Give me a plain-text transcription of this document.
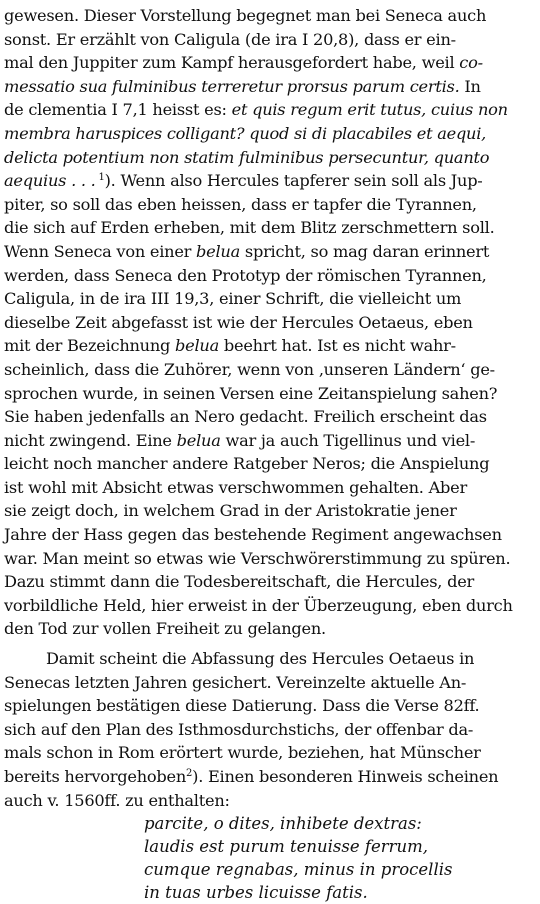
gewesen. Dieser Vorstellung begegnet man bei Seneca auch
sonst. Er erzählt von Caligula (de ira I 20,8), dass er ein-
mal den Juppiter zum Kampf herausgefordert habe, weil co-
messatio sua fulminibus terreretur prorsus parum certis. In
de clementia I 7,1 heisst es: et quis regum erit tutus, cuius non
membra haruspices colligant? quod si di placabiles et aequi,
delicta potentium non statim fulminibus persecuntur, quanto
aequius . . . $^1$). Wenn also Hercules tapferer sein soll als Jup-
piter, so soll das eben heissen, dass er tapfer die Tyrannen,
die sich auf Erden erheben, mit dem Blitz zerschmettern soll.
Wenn Seneca von einer belua spricht, so mag daran erinnert
werden, dass Seneca den Prototyp der römischen Tyrannen,
Caligula, in de ira III 19,3, einer Schrift, die vielleicht um
dieselbe Zeit abgefasst ist wie der Hercules Oetaeus, eben
mit der Bezeichnung belua beehrt hat. Ist es nicht wahr-
scheinlich, dass die Zuhörer, wenn von ‚unseren Ländern‘ ge-
sprochen wurde, in seinen Versen eine Zeitanspielung sahen?
Sie haben jedenfalls an Nero gedacht. Freilich erscheint das
nicht zwingend. Eine belua war ja auch Tigellinus und viel-
leicht noch mancher andere Ratgeber Neros; die Anspielung
ist wohl mit Absicht etwas verschwommen gehalten. Aber
sie zeigt doch, in welchem Grad in der Aristokratie jener
Jahre der Hass gegen das bestehende Regiment angewachsen
war. Man meint so etwas wie Verschwörerstimmung zu spüren.
Dazu stimmt dann die Todesbereitschaft, die Hercules, der
vorbildliche Held, hier erweist in der Überzeugung, eben durch
den Tod zur vollen Freiheit zu gelangen.
Damit scheint die Abfassung des Hercules Oetaeus in
Senecas letzten Jahren gesichert. Vereinzelte aktuelle An-
spielungen bestätigen diese Datierung. Dass die Verse 82ff.
sich auf den Plan des Isthmosdurchstichs, der offenbar da-
mals schon in Rom erörtert wurde, beziehen, hat Münscher
bereits hervorgehoben$^2$). Einen besonderen Hinweis scheinen
auch v. 1560ff. zu enthalten:
parcite, o dites, inhibete dextras:
laudis est purum tenuisse ferrum,
cumque regnabas, minus in procellis
in tuas urbes licuisse fatis.
